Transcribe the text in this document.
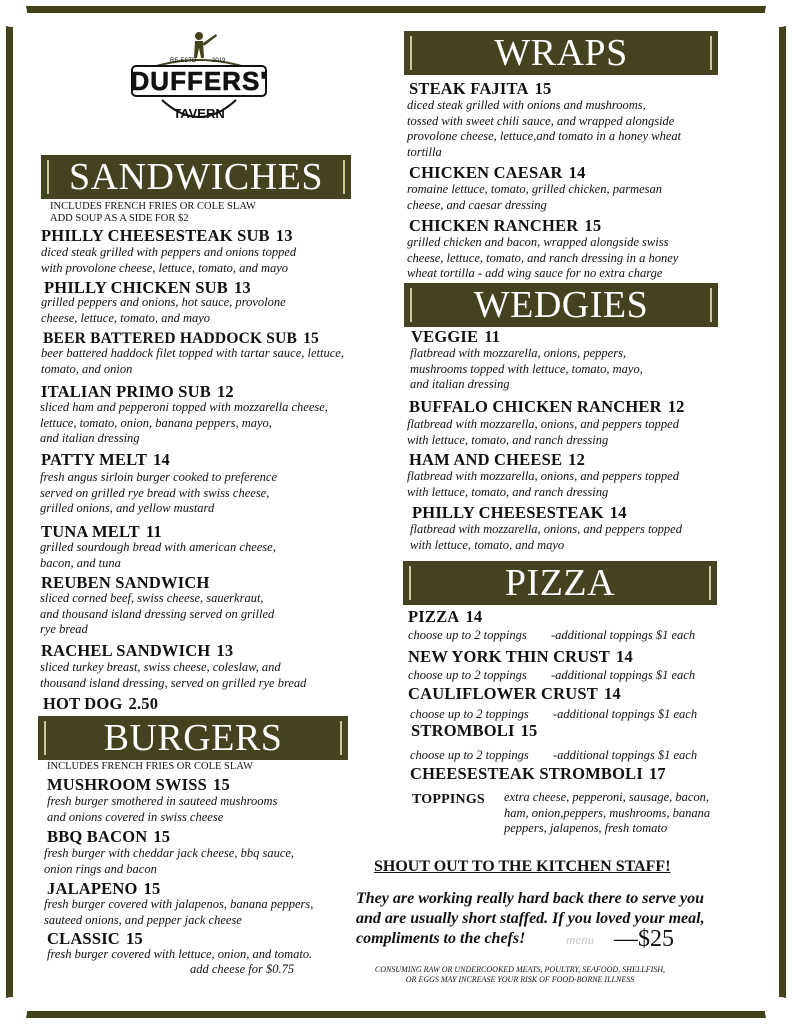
RE-ESTD	2019
DUFFERS'
TAVERN
SANDWICHES
INCLUDES FRENCH FRIES OR COLE SLAW
ADD SOUP AS A SIDE FOR $2
PHILLY CHEESESTEAK SUB 13
diced steak grilled with peppers and onions topped
with provolone cheese, lettuce, tomato, and mayo
PHILLY CHICKEN SUB 13
grilled peppers and onions, hot sauce, provolone
cheese, lettuce, tomato, and mayo
BEER BATTERED HADDOCK SUB 15
beer battered haddock filet topped with tartar sauce, lettuce,
tomato, and onion
ITALIAN PRIMO SUB 12
sliced ham and pepperoni topped with mozzarella cheese,
lettuce, tomato, onion, banana peppers, mayo,
and italian dressing
PATTY MELT 14
fresh angus sirloin burger cooked to preference
served on grilled rye bread with swiss cheese,
grilled onions, and yellow mustard
TUNA MELT 11
grilled sourdough bread with american cheese,
bacon, and tuna
REUBEN SANDWICH
sliced corned beef, swiss cheese, sauerkraut,
and thousand island dressing served on grilled
rye bread
RACHEL SANDWICH 13
sliced turkey breast, swiss cheese, coleslaw, and
thousand island dressing, served on grilled rye bread
HOT DOG 2.50
BURGERS
INCLUDES FRENCH FRIES OR COLE SLAW
MUSHROOM SWISS 15
fresh burger smothered in sauteed mushrooms
and onions covered in swiss cheese
BBQ BACON 15
fresh burger with cheddar jack cheese, bbq sauce,
onion rings and bacon
JALAPENO 15
fresh burger covered with jalapenos, banana peppers,
sauteed onions, and pepper jack cheese
CLASSIC 15
fresh burger covered with lettuce, onion, and tomato.
add cheese for $0.75
WRAPS
STEAK FAJITA 15
diced steak grilled with onions and mushrooms,
tossed with sweet chili sauce, and wrapped alongside
provolone cheese, lettuce,and tomato in a honey wheat
tortilla
CHICKEN CAESAR 14
romaine lettuce, tomato, grilled chicken, parmesan
cheese, and caesar dressing
CHICKEN RANCHER 15
grilled chicken and bacon, wrapped alongside swiss
cheese, lettuce, tomato, and ranch dressing in a honey
wheat tortilla - add wing sauce for no extra charge
WEDGIES
VEGGIE 11
flatbread with mozzarella, onions, peppers,
mushrooms topped with lettuce, tomato, mayo,
and italian dressing
BUFFALO CHICKEN RANCHER 12
flatbread with mozzarella, onions, and peppers topped
with lettuce, tomato, and ranch dressing
HAM AND CHEESE 12
flatbread with mozzarella, onions, and peppers topped
with lettuce, tomato, and ranch dressing
PHILLY CHEESESTEAK 14
flatbread with mozzarella, onions, and peppers topped
with lettuce, tomato, and mayo
PIZZA
PIZZA 14
choose up to 2 toppings -additional toppings $1 each
NEW YORK THIN CRUST 14
choose up to 2 toppings -additional toppings $1 each
CAULIFLOWER CRUST 14
choose up to 2 toppings -additional toppings $1 each
STROMBOLI 15
choose up to 2 toppings -additional toppings $1 each
CHEESESTEAK STROMBOLI 17
TOPPINGS extra cheese, pepperoni, sausage, bacon,
ham, onion,peppers, mushrooms, banana
peppers, jalapenos, fresh tomato
SHOUT OUT TO THE KITCHEN STAFF!
They are working really hard back there to serve you
and are usually short staffed. If you loved your meal,
compliments to the chefs!	menu —$25
CONSUMING RAW OR UNDERCOOKED MEATS, POULTRY, SEAFOOD, SHELLFISH,
OR EGGS MAY INCREASE YOUR RISK OF FOOD-BORNE ILLNESS
